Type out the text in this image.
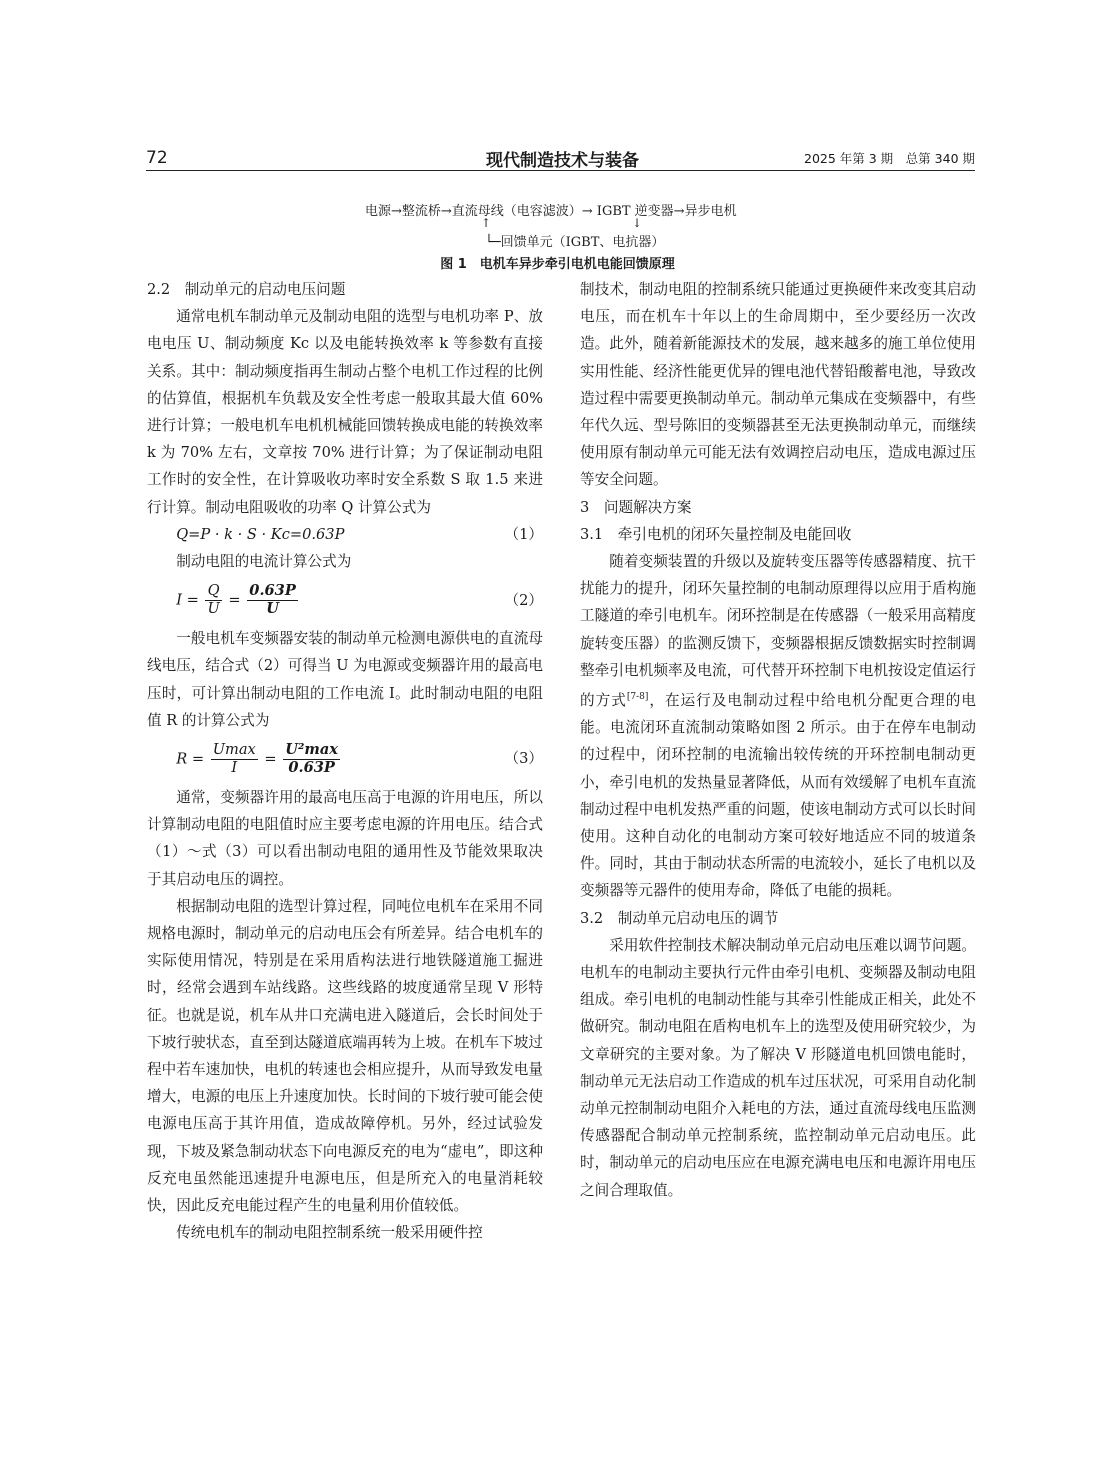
72	现代制造技术与装备	2025 年第 3 期　总第 340 期
电源→整流桥→直流母线（电容滤波）→ IGBT 逆变器→异步电机
↑	↓
└─回馈单元（IGBT、电抗器）
图 1　电机车异步牵引电机电能回馈原理
2.2　制动单元的启动电压问题

通常电机车制动单元及制动电阻的选型与电机功率 P、放电电压 U、制动频度 Kc 以及电能转换效率 k 等参数有直接关系。其中：制动频度指再生制动占整个电机工作过程的比例的估算值，根据机车负载及安全性考虑一般取其最大值 60% 进行计算；一般电机车电机机械能回馈转换成电能的转换效率 k 为 70% 左右，文章按 70% 进行计算；为了保证制动电阻工作时的安全性，在计算吸收功率时安全系数 S 取 1.5 来进行计算。制动电阻吸收的功率 Q 计算公式为

Q=P · k · S · Kc=0.63P	（1）

制动电阻的电流计算公式为

$I = \frac{Q}{U} = \frac{0.63P}{U}$	（2）

一般电机车变频器安装的制动单元检测电源供电的直流母线电压，结合式（2）可得当 U 为电源或变频器许用的最高电压时，可计算出制动电阻的工作电流 I。此时制动电阻的电阻值 R 的计算公式为

$R = \frac{Umax}{I} = \frac{\text{U²max}}{0.63P}$	（3）

通常，变频器许用的最高电压高于电源的许用电压，所以计算制动电阻的电阻值时应主要考虑电源的许用电压。结合式（1）～式（3）可以看出制动电阻的通用性及节能效果取决于其启动电压的调控。

根据制动电阻的选型计算过程，同吨位电机车在采用不同规格电源时，制动单元的启动电压会有所差异。结合电机车的实际使用情况，特别是在采用盾构法进行地铁隧道施工掘进时，经常会遇到车站线路。这些线路的坡度通常呈现 V 形特征。也就是说，机车从井口充满电进入隧道后，会长时间处于下坡行驶状态，直至到达隧道底端再转为上坡。在机车下坡过程中若车速加快，电机的转速也会相应提升，从而导致发电量增大，电源的电压上升速度加快。长时间的下坡行驶可能会使电源电压高于其许用值，造成故障停机。另外，经过试验发现，下坡及紧急制动状态下向电源反充的电为“虚电”，即这种反充电虽然能迅速提升电源电压，但是所充入的电量消耗较快，因此反充电能过程产生的电量利用价值较低。

传统电机车的制动电阻控制系统一般采用硬件控

制技术，制动电阻的控制系统只能通过更换硬件来改变其启动电压，而在机车十年以上的生命周期中，至少要经历一次改造。此外，随着新能源技术的发展，越来越多的施工单位使用实用性能、经济性能更优异的锂电池代替铅酸蓄电池，导致改造过程中需要更换制动单元。制动单元集成在变频器中，有些年代久远、型号陈旧的变频器甚至无法更换制动单元，而继续使用原有制动单元可能无法有效调控启动电压，造成电源过压等安全问题。

3　问题解决方案
3.1　牵引电机的闭环矢量控制及电能回收

随着变频装置的升级以及旋转变压器等传感器精度、抗干扰能力的提升，闭环矢量控制的电制动原理得以应用于盾构施工隧道的牵引电机车。闭环控制是在传感器（一般采用高精度旋转变压器）的监测反馈下，变频器根据反馈数据实时控制调整牵引电机频率及电流，可代替开环控制下电机按设定值运行的方式[7-8]，在运行及电制动过程中给电机分配更合理的电能。电流闭环直流制动策略如图 2 所示。由于在停车电制动的过程中，闭环控制的电流输出较传统的开环控制电制动更小，牵引电机的发热量显著降低，从而有效缓解了电机车直流制动过程中电机发热严重的问题，使该电制动方式可以长时间使用。这种自动化的电制动方案可较好地适应不同的坡道条件。同时，其由于制动状态所需的电流较小，延长了电机以及变频器等元器件的使用寿命，降低了电能的损耗。

3.2　制动单元启动电压的调节

采用软件控制技术解决制动单元启动电压难以调节问题。电机车的电制动主要执行元件由牵引电机、变频器及制动电阻组成。牵引电机的电制动性能与其牵引性能成正相关，此处不做研究。制动电阻在盾构电机车上的选型及使用研究较少，为文章研究的主要对象。为了解决 V 形隧道电机回馈电能时，制动单元无法启动工作造成的机车过压状况，可采用自动化制动单元控制制动电阻介入耗电的方法，通过直流母线电压监测传感器配合制动单元控制系统，监控制动单元启动电压。此时，制动单元的启动电压应在电源充满电电压和电源许用电压之间合理取值。
